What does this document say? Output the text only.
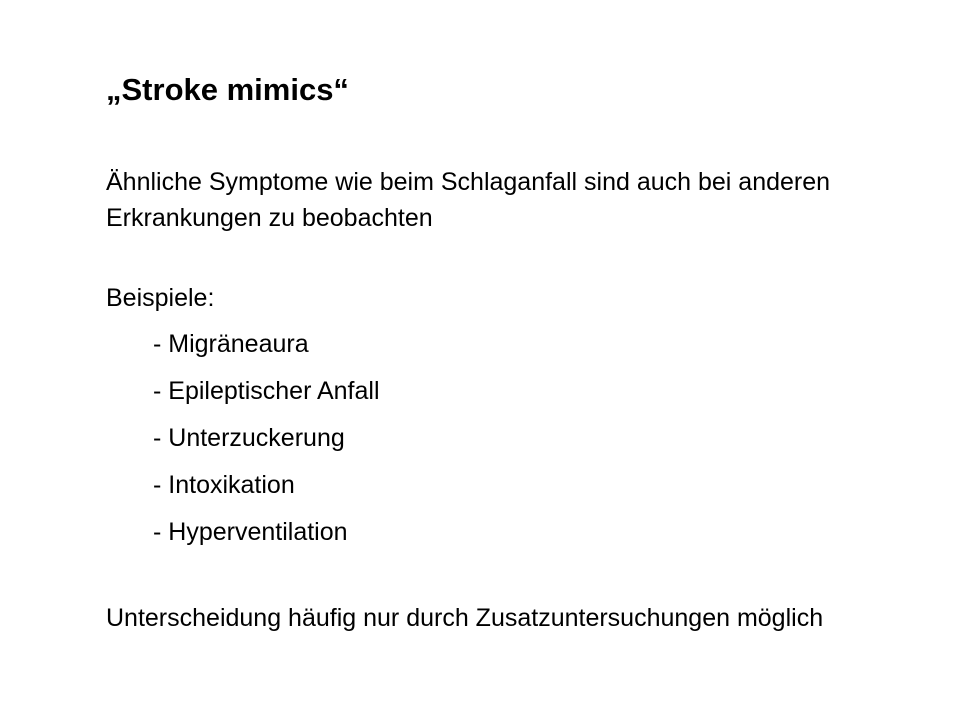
„Stroke mimics“
Ähnliche Symptome wie beim Schlaganfall sind auch bei anderen Erkrankungen zu beobachten
Beispiele:
- Migräneaura
- Epileptischer Anfall
- Unterzuckerung
- Intoxikation
- Hyperventilation
Unterscheidung häufig nur durch Zusatzuntersuchungen möglich
